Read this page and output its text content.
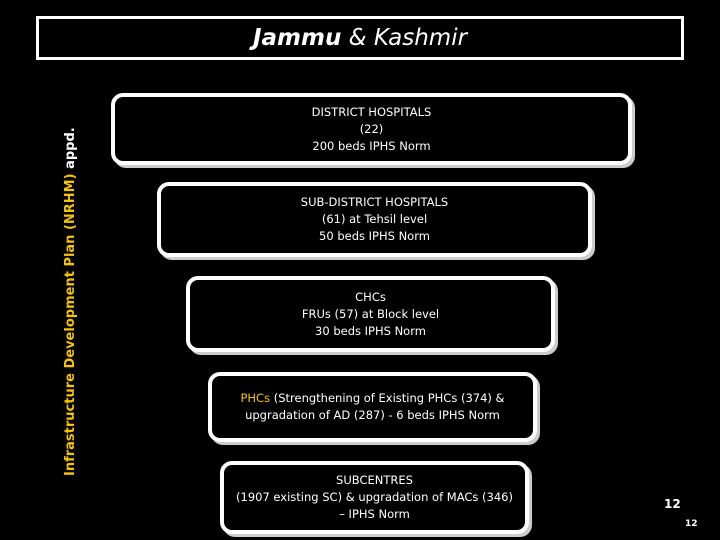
Jammu & Kashmir
Infrastructure Development Plan (NRHM) appd.
DISTRICT HOSPITALS
(22)
200 beds IPHS Norm
SUB-DISTRICT HOSPITALS
(61) at Tehsil level
50 beds IPHS Norm
CHCs
FRUs (57) at Block level
30 beds IPHS Norm
PHCs (Strengthening of Existing PHCs (374) &
upgradation of AD (287) - 6 beds IPHS Norm
SUBCENTRES
(1907 existing SC) & upgradation of MACs (346)
– IPHS Norm
12
12
